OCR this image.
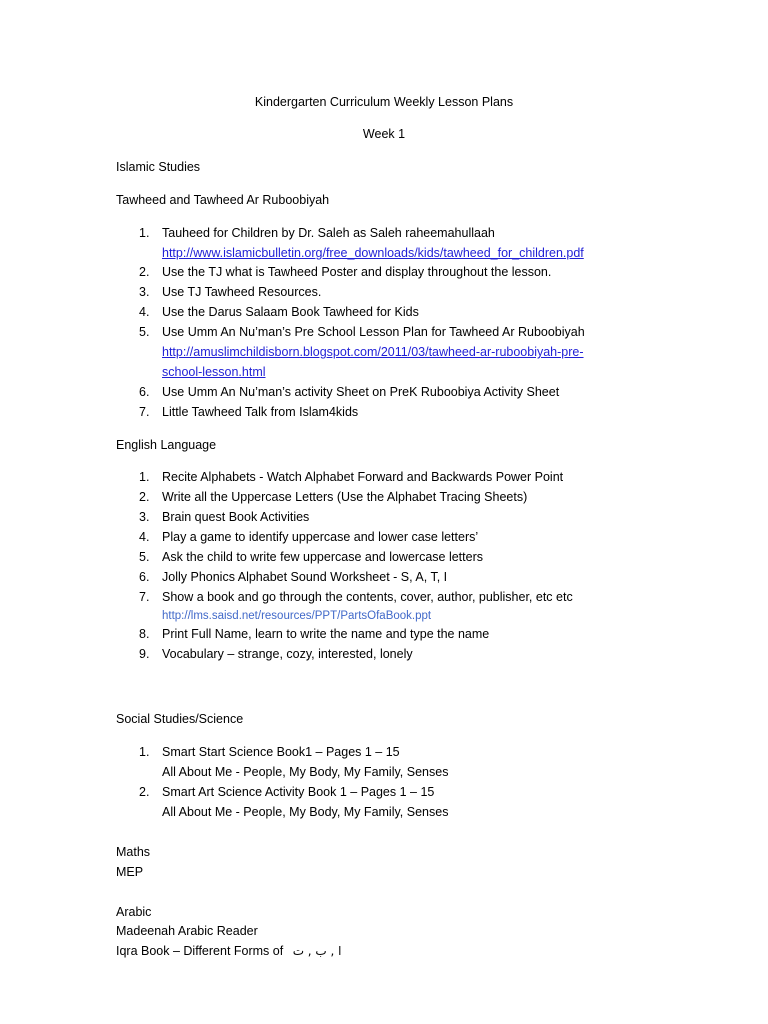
Kindergarten Curriculum Weekly Lesson Plans
Week 1
Islamic Studies
Tawheed and Tawheed Ar Ruboobiyah
1. Tauheed for Children by Dr. Saleh as Saleh raheemahullaah
http://www.islamicbulletin.org/free_downloads/kids/tawheed_for_children.pdf
2. Use the TJ what is Tawheed Poster and display throughout the lesson.
3. Use TJ Tawheed Resources.
4. Use the Darus Salaam Book Tawheed for Kids
5. Use Umm An Nu’man’s Pre School Lesson Plan for Tawheed Ar Ruboobiyah
http://amuslimchildisborn.blogspot.com/2011/03/tawheed-ar-ruboobiyah-pre-
school-lesson.html
6. Use Umm An Nu’man’s activity Sheet on PreK Ruboobiya Activity Sheet
7. Little Tawheed Talk from Islam4kids
English Language
1. Recite Alphabets - Watch Alphabet Forward and Backwards Power Point
2. Write all the Uppercase Letters (Use the Alphabet Tracing Sheets)
3. Brain quest Book Activities
4. Play a game to identify uppercase and lower case letters’
5. Ask the child to write few uppercase and lowercase letters
6. Jolly Phonics Alphabet Sound Worksheet - S, A, T, I
7. Show a book and go through the contents, cover, author, publisher, etc etc
http://lms.saisd.net/resources/PPT/PartsOfaBook.ppt
8. Print Full Name, learn to write the name and type the name
9. Vocabulary – strange, cozy, interested, lonely
Social Studies/Science
1. Smart Start Science Book1 – Pages 1 – 15
All About Me - People, My Body, My Family, Senses
2. Smart Art Science Activity Book 1 – Pages 1 – 15
All About Me - People, My Body, My Family, Senses
Maths
MEP
Arabic
Madeenah Arabic Reader
Iqra Book – Different Forms of ا , ب , ت
